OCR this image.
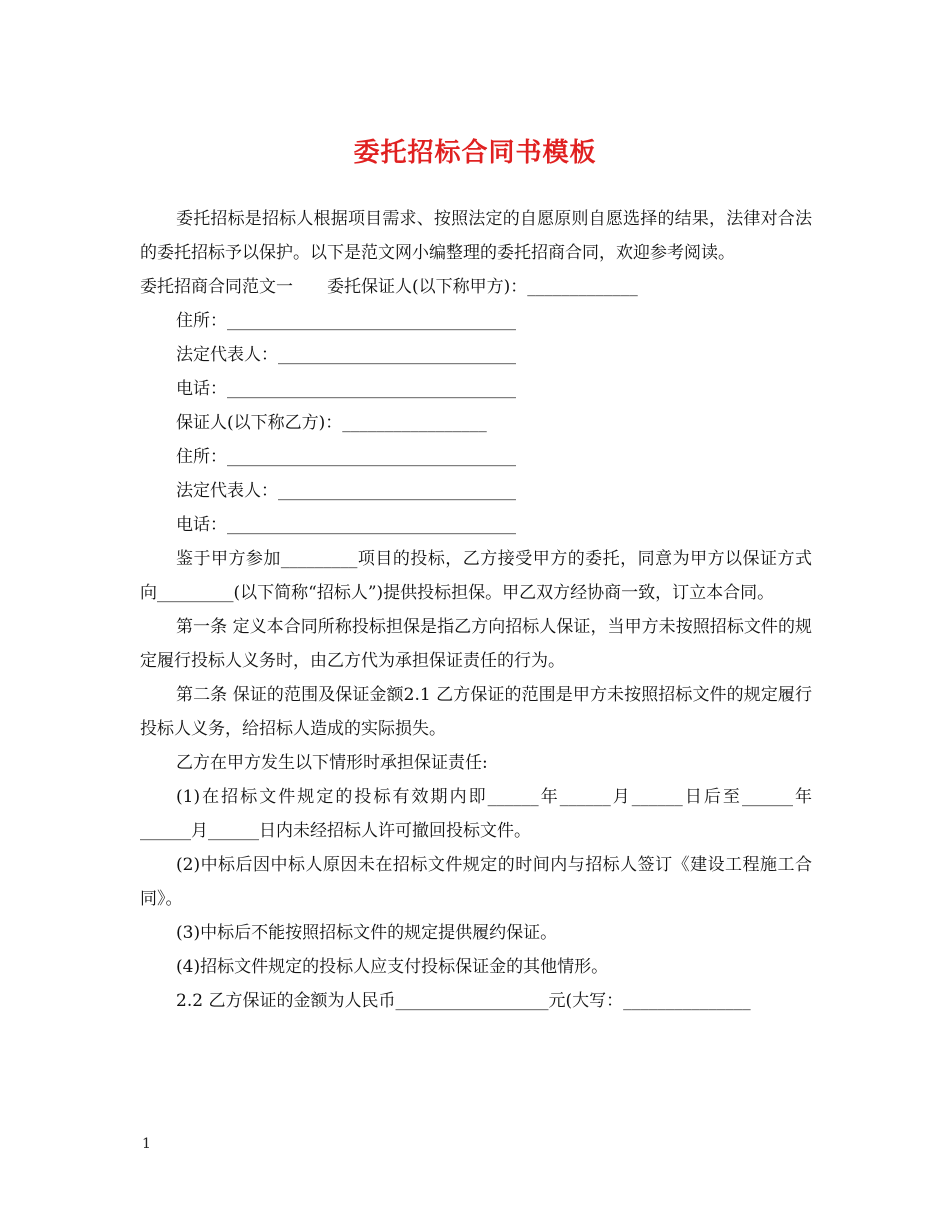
委托招标合同书模板

委托招标是招标人根据项目需求、按照法定的自愿原则自愿选择的结果，法律对合法的委托招标予以保护。以下是范文网小编整理的委托招商合同，欢迎参考阅读。

委托招商合同范文一　　委托保证人(以下称甲方)：_____________

住所：__________________________________

法定代表人：____________________________

电话：__________________________________

保证人(以下称乙方)：_________________

住所：__________________________________

法定代表人：____________________________

电话：__________________________________

鉴于甲方参加_________项目的投标，乙方接受甲方的委托，同意为甲方以保证方式向_________(以下简称“招标人”)提供投标担保。甲乙双方经协商一致，订立本合同。

第一条 定义本合同所称投标担保是指乙方向招标人保证，当甲方未按照招标文件的规定履行投标人义务时，由乙方代为承担保证责任的行为。

第二条 保证的范围及保证金额2.1 乙方保证的范围是甲方未按照招标文件的规定履行投标人义务，给招标人造成的实际损失。

乙方在甲方发生以下情形时承担保证责任:

(1)在招标文件规定的投标有效期内即______年______月______日后至______年______月______日内未经招标人许可撤回投标文件。

(2)中标后因中标人原因未在招标文件规定的时间内与招标人签订《建设工程施工合同》。

(3)中标后不能按照招标文件的规定提供履约保证。

(4)招标文件规定的投标人应支付投标保证金的其他情形。

2.2 乙方保证的金额为人民币__________________元(大写：_______________

1
